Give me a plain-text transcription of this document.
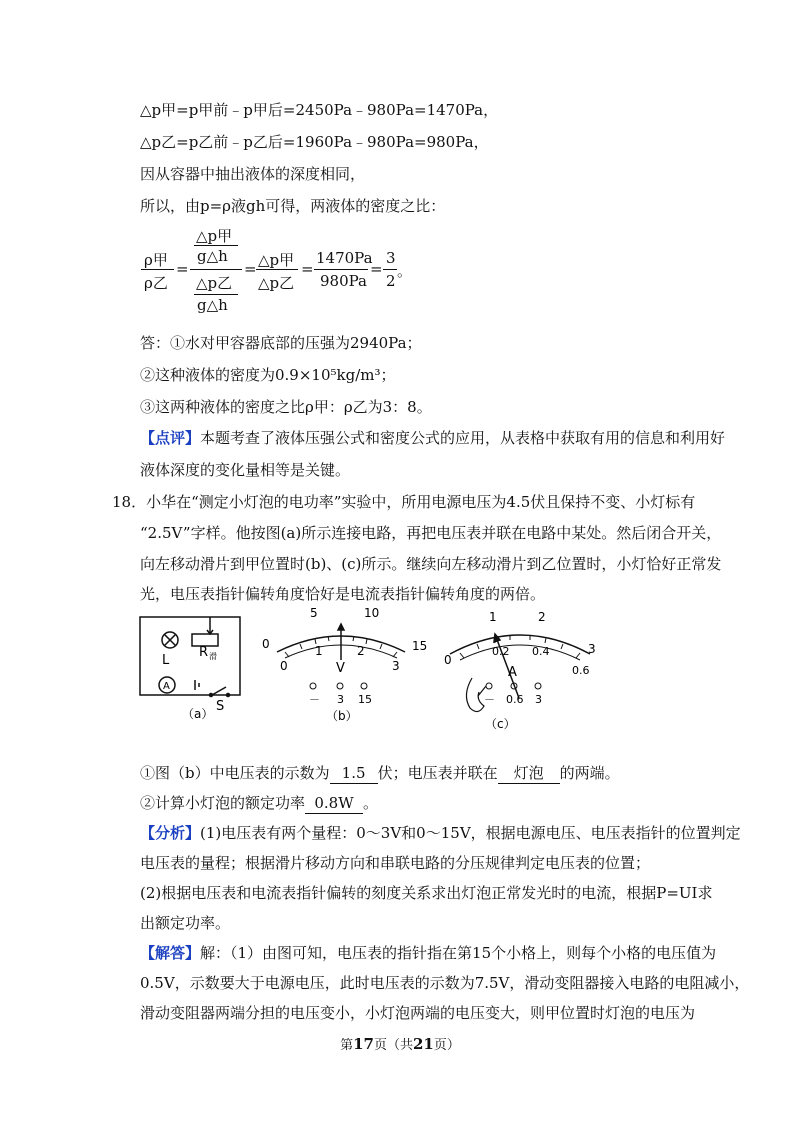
△p甲=p甲前﹣p甲后=2450Pa﹣980Pa=1470Pa，
△p乙=p乙前﹣p乙后=1960Pa﹣980Pa=980Pa，
因从容器中抽出液体的深度相同，
所以，由p=ρ液gh可得，两液体的密度之比：
ρ甲
ρ乙
=
△p甲
g△h
△p乙
g△h
= △p甲
△p乙
=
1470Pa
980Pa
=
3
2
。
答：①水对甲容器底部的压强为2940Pa；
②这种液体的密度为0.9×10⁵kg/m³；
③这两种液体的密度之比ρ甲：ρ乙为3：8。
【点评】本题考查了液体压强公式和密度公式的应用，从表格中获取有用的信息和利用好
液体深度的变化量相等是关键。
18．小华在“测定小灯泡的电功率”实验中，所用电源电压为4.5伏且保持不变、小灯标有
“2.5V”字样。他按图(a)所示连接电路，再把电压表并联在电路中某处。然后闭合开关，
向左移动滑片到甲位置时(b)、(c)所示。继续向左移动滑片到乙位置时，小灯恰好正常发
光，电压表指针偏转角度恰好是电流表指针偏转角度的两倍。
L
R 滑
A
S
（a）
5	10
15
0
0
1	2
3
V
－ 3 15
（b）
1	2
3
0
0.2 0.4
0.6
A
－ 0.6 3
（c）
①图（b）中电压表的示数为 1.5 伏；电压表并联在 灯泡 的两端。
②计算小灯泡的额定功率 0.8W 。
【分析】(1)电压表有两个量程：0～3V和0～15V，根据电源电压、电压表指针的位置判定
电压表的量程；根据滑片移动方向和串联电路的分压规律判定电压表的位置；
(2)根据电压表和电流表指针偏转的刻度关系求出灯泡正常发光时的电流，根据P=UI求
出额定功率。
【解答】解：（1）由图可知，电压表的指针指在第15个小格上，则每个小格的电压值为
0.5V，示数要大于电源电压，此时电压表的示数为7.5V，滑动变阻器接入电路的电阻减小，
滑动变阻器两端分担的电压变小，小灯泡两端的电压变大，则甲位置时灯泡的电压为
第17页（共21页）
